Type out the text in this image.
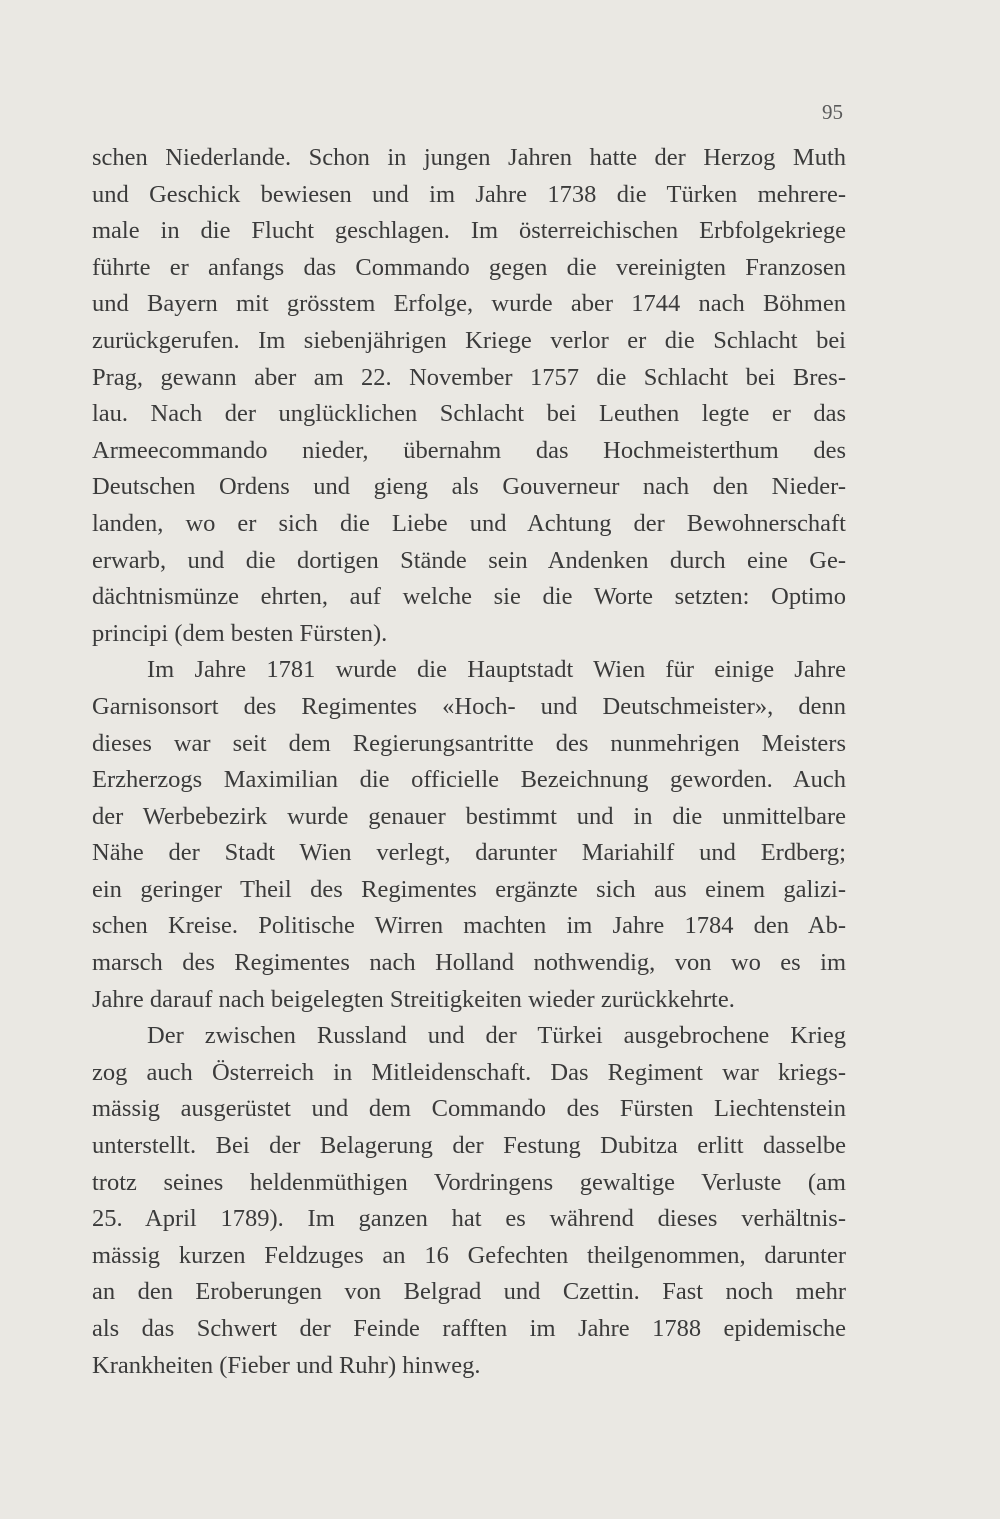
95
schen Niederlande. Schon in jungen Jahren hatte der Herzog Muth
und Geschick bewiesen und im Jahre 1738 die Türken mehrere-
male in die Flucht geschlagen. Im österreichischen Erbfolgekriege
führte er anfangs das Commando gegen die vereinigten Franzosen
und Bayern mit grösstem Erfolge, wurde aber 1744 nach Böhmen
zurückgerufen. Im siebenjährigen Kriege verlor er die Schlacht bei
Prag, gewann aber am 22. November 1757 die Schlacht bei Bres-
lau. Nach der unglücklichen Schlacht bei Leuthen legte er das
Armeecommando nieder, übernahm das Hochmeisterthum des
Deutschen Ordens und gieng als Gouverneur nach den Nieder-
landen, wo er sich die Liebe und Achtung der Bewohnerschaft
erwarb, und die dortigen Stände sein Andenken durch eine Ge-
dächtnismünze ehrten, auf welche sie die Worte setzten: Optimo
principi (dem besten Fürsten).
Im Jahre 1781 wurde die Hauptstadt Wien für einige Jahre
Garnisonsort des Regimentes «Hoch- und Deutschmeister», denn
dieses war seit dem Regierungsantritte des nunmehrigen Meisters
Erzherzogs Maximilian die officielle Bezeichnung geworden. Auch
der Werbebezirk wurde genauer bestimmt und in die unmittelbare
Nähe der Stadt Wien verlegt, darunter Mariahilf und Erdberg;
ein geringer Theil des Regimentes ergänzte sich aus einem galizi-
schen Kreise. Politische Wirren machten im Jahre 1784 den Ab-
marsch des Regimentes nach Holland nothwendig, von wo es im
Jahre darauf nach beigelegten Streitigkeiten wieder zurückkehrte.
Der zwischen Russland und der Türkei ausgebrochene Krieg
zog auch Österreich in Mitleidenschaft. Das Regiment war kriegs-
mässig ausgerüstet und dem Commando des Fürsten Liechtenstein
unterstellt. Bei der Belagerung der Festung Dubitza erlitt dasselbe
trotz seines heldenmüthigen Vordringens gewaltige Verluste (am
25. April 1789). Im ganzen hat es während dieses verhältnis-
mässig kurzen Feldzuges an 16 Gefechten theilgenommen, darunter
an den Eroberungen von Belgrad und Czettin. Fast noch mehr
als das Schwert der Feinde rafften im Jahre 1788 epidemische
Krankheiten (Fieber und Ruhr) hinweg.
